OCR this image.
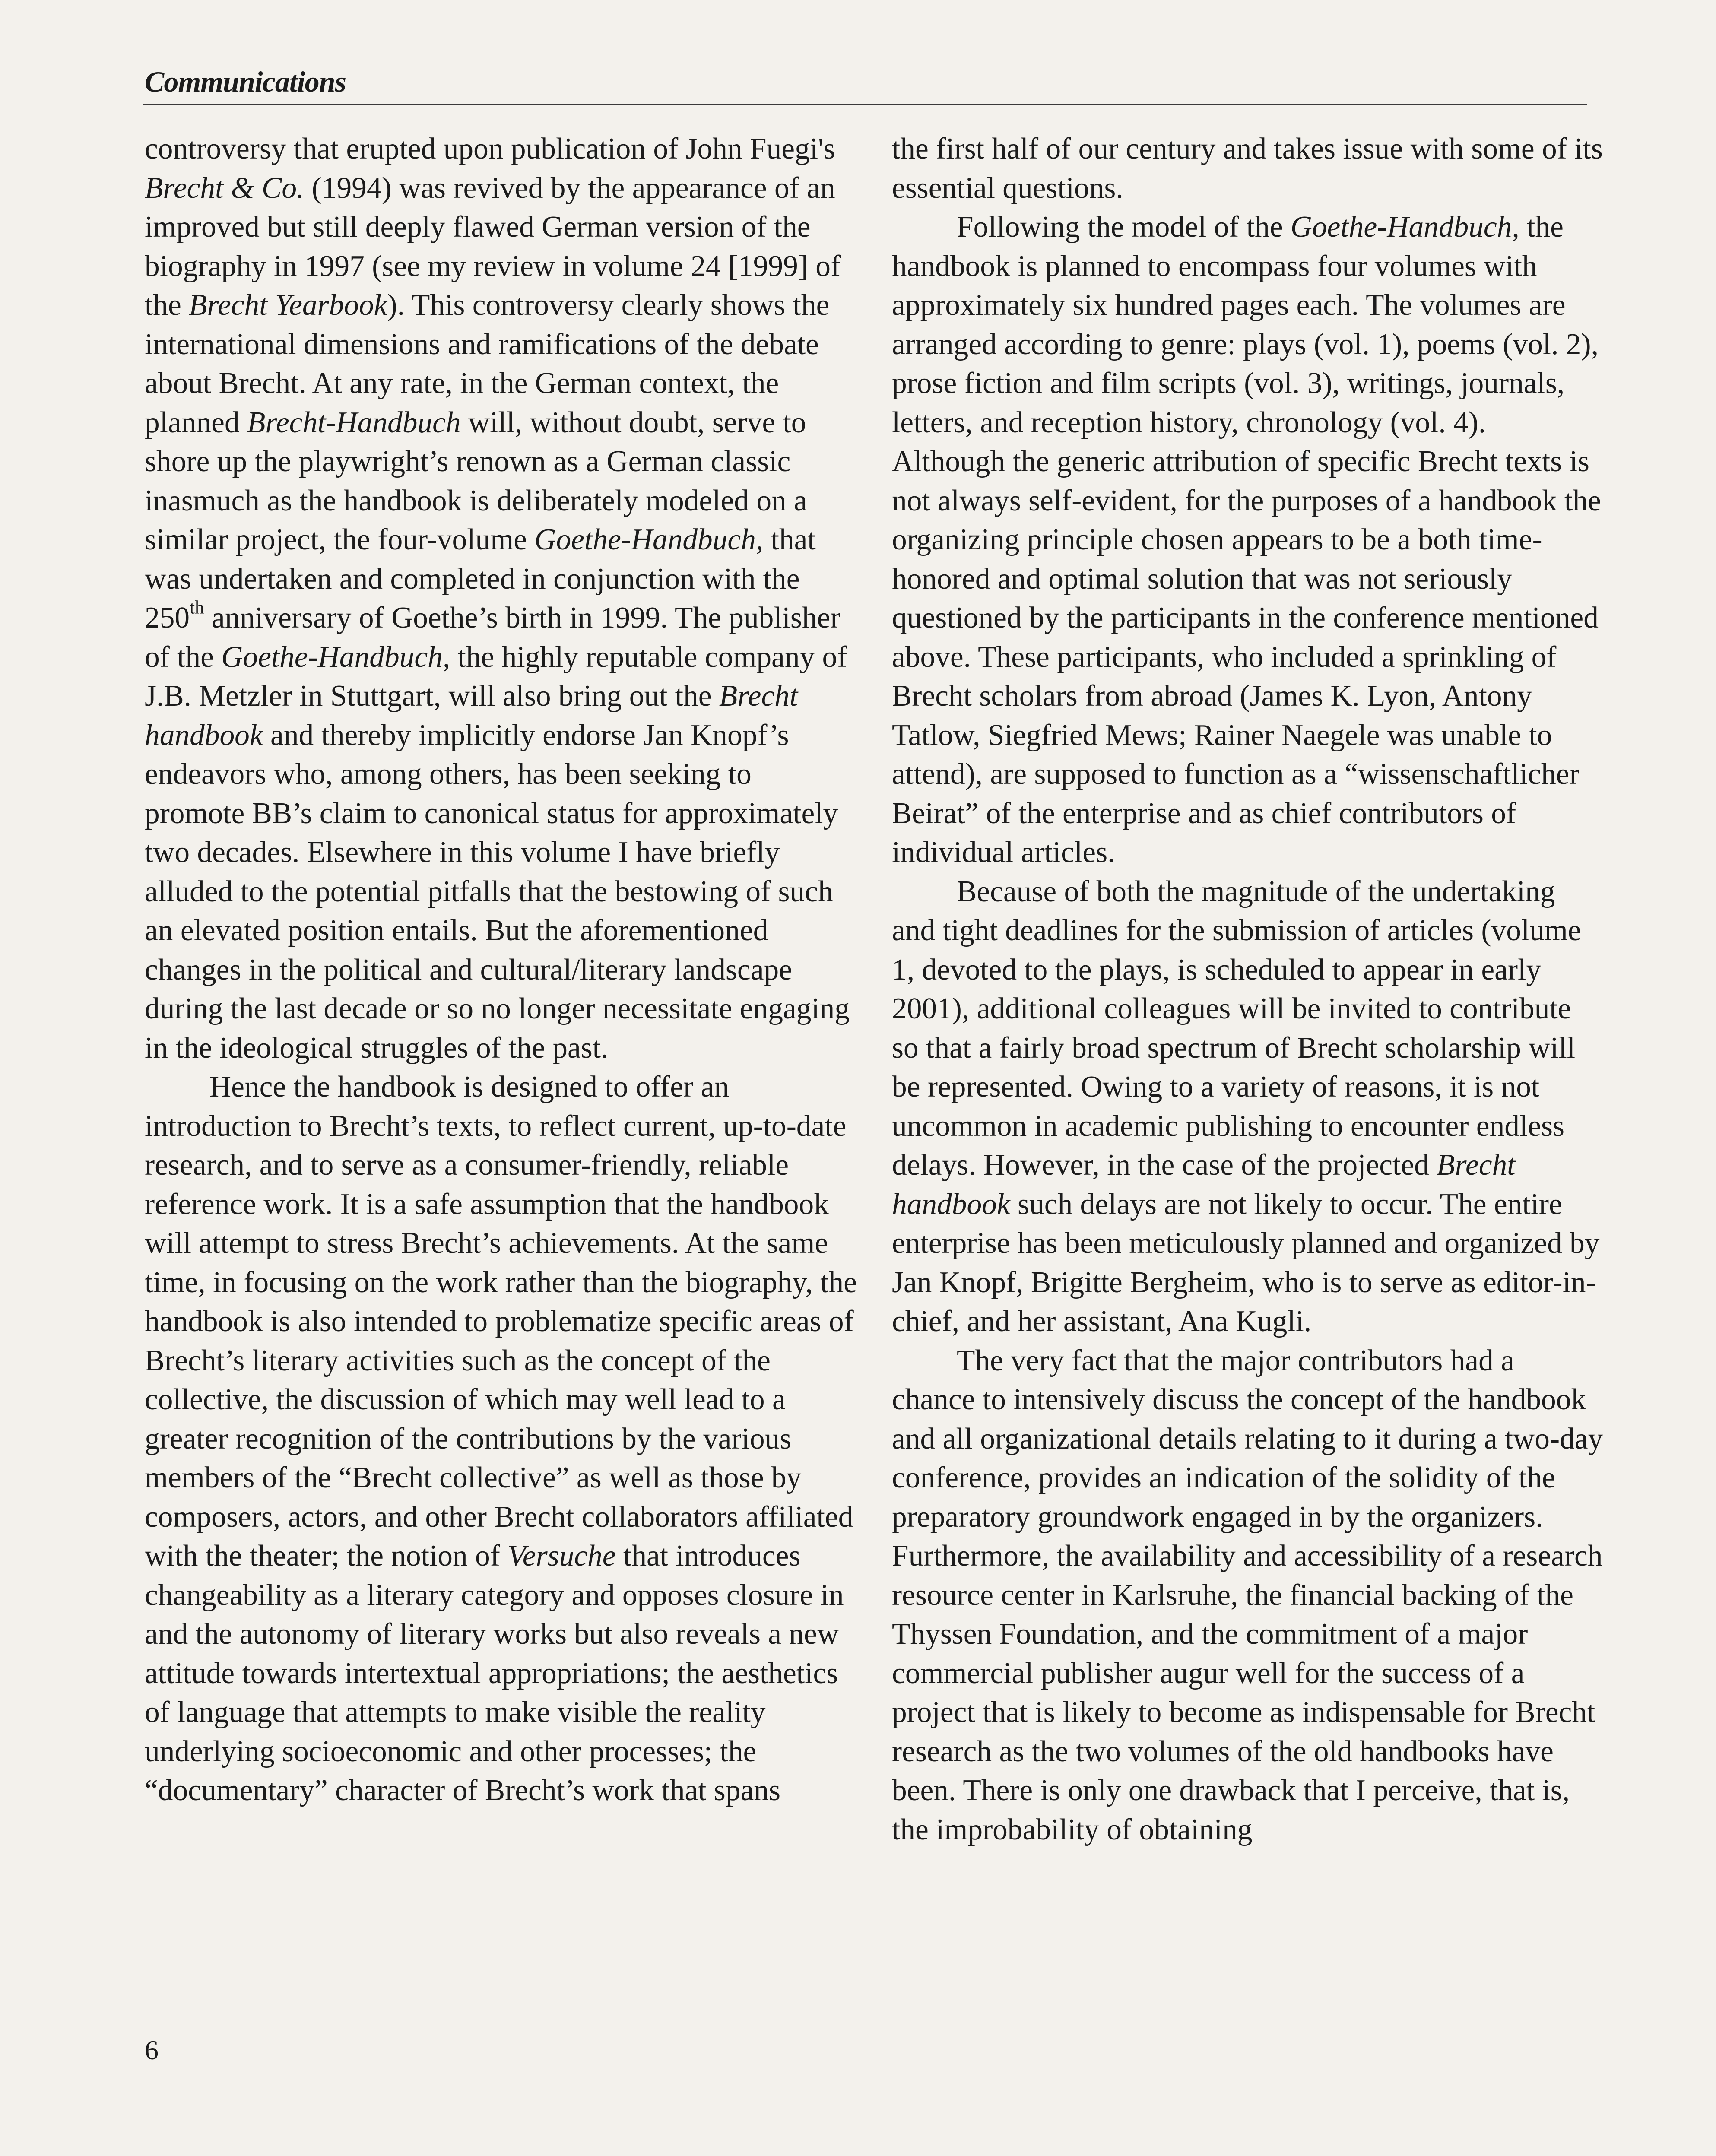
Communications

controversy that erupted upon publication of John Fuegi's Brecht & Co. (1994) was revived by the appearance of an improved but still deeply flawed German version of the biography in 1997 (see my review in volume 24 [1999] of the Brecht Yearbook). This controversy clearly shows the international dimensions and ramifications of the debate about Brecht. At any rate, in the German context, the planned Brecht-Handbuch will, without doubt, serve to shore up the playwright’s renown as a German classic inasmuch as the handbook is deliberately modeled on a similar project, the four-volume Goethe-Handbuch, that was undertaken and completed in conjunction with the 250th anniversary of Goethe’s birth in 1999. The publisher of the Goethe-Handbuch, the highly reputable company of J.B. Metzler in Stuttgart, will also bring out the Brecht handbook and thereby implicitly endorse Jan Knopf’s endeavors who, among others, has been seeking to promote BB’s claim to canonical status for approximately two decades. Elsewhere in this volume I have briefly alluded to the potential pitfalls that the bestowing of such an elevated position entails. But the aforementioned changes in the political and cultural/literary landscape during the last decade or so no longer necessitate engaging in the ideological struggles of the past.

Hence the handbook is designed to offer an introduction to Brecht’s texts, to reflect current, up-to-date research, and to serve as a consumer-friendly, reliable reference work. It is a safe assumption that the handbook will attempt to stress Brecht’s achievements. At the same time, in focusing on the work rather than the biography, the handbook is also intended to problematize specific areas of Brecht’s literary activities such as the concept of the collective, the discussion of which may well lead to a greater recognition of the contributions by the various members of the “Brecht collective” as well as those by composers, actors, and other Brecht collaborators affiliated with the theater; the notion of Versuche that introduces changeability as a literary category and opposes closure in and the autonomy of literary works but also reveals a new attitude towards intertextual appropriations; the aesthetics of language that attempts to make visible the reality underlying socioeconomic and other processes; the “documentary” character of Brecht’s work that spans

the first half of our century and takes issue with some of its essential questions.

Following the model of the Goethe-Handbuch, the handbook is planned to encompass four volumes with approximately six hundred pages each. The volumes are arranged according to genre: plays (vol. 1), poems (vol. 2), prose fiction and film scripts (vol. 3), writings, journals, letters, and reception history, chronology (vol. 4). Although the generic attribution of specific Brecht texts is not always self-evident, for the purposes of a handbook the organizing principle chosen appears to be a both time-honored and optimal solution that was not seriously questioned by the participants in the conference mentioned above. These participants, who included a sprinkling of Brecht scholars from abroad (James K. Lyon, Antony Tatlow, Siegfried Mews; Rainer Naegele was unable to attend), are supposed to function as a “wissenschaftlicher Beirat” of the enterprise and as chief contributors of individual articles.

Because of both the magnitude of the undertaking and tight deadlines for the submission of articles (volume 1, devoted to the plays, is scheduled to appear in early 2001), additional colleagues will be invited to contribute so that a fairly broad spectrum of Brecht scholarship will be represented. Owing to a variety of reasons, it is not uncommon in academic publishing to encounter endless delays. However, in the case of the projected Brecht handbook such delays are not likely to occur. The entire enterprise has been meticulously planned and organized by Jan Knopf, Brigitte Bergheim, who is to serve as editor-in-chief, and her assistant, Ana Kugli.

The very fact that the major contributors had a chance to intensively discuss the concept of the handbook and all organizational details relating to it during a two-day conference, provides an indication of the solidity of the preparatory groundwork engaged in by the organizers. Furthermore, the availability and accessibility of a research resource center in Karlsruhe, the financial backing of the Thyssen Foundation, and the commitment of a major commercial publisher augur well for the success of a project that is likely to become as indispensable for Brecht research as the two volumes of the old handbooks have been. There is only one drawback that I perceive, that is, the improbability of obtaining

6
